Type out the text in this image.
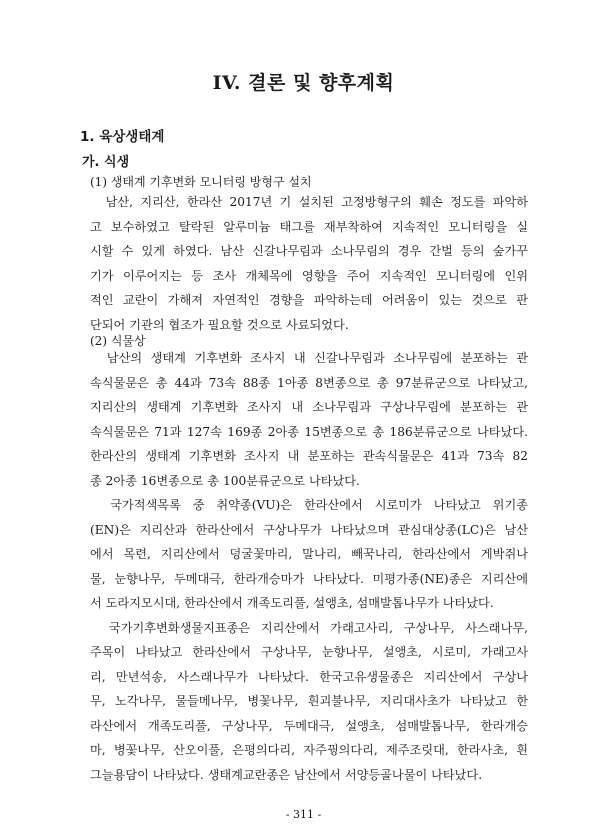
IV. 결론 및 향후계획
1. 육상생태계
가. 식생

(1) 생태계 기후변화 모니터링 방형구 설치

　남산, 지리산, 한라산 2017년 기 설치된 고정방형구의 훼손 정도를 파악하
고 보수하였고 탈락된 알루미늄 태그를 재부착하여 지속적인 모니터링을 실
시할 수 있게 하였다. 남산 신갈나무림과 소나무림의 경우 간벌 등의 숲가꾸
기가 이루어지는 등 조사 개체목에 영향을 주어 지속적인 모니터링에 인위
적인 교란이 가해져 자연적인 경향을 파악하는데 어려움이 있는 것으로 판
단되어 기관의 협조가 필요할 것으로 사료되었다.

(2) 식물상

　남산의 생태계 기후변화 조사지 내 신갈나무림과 소나무림에 분포하는 관
속식물문은 총 44과 73속 88종 1아종 8변종으로 총 97분류군으로 나타났고,
지리산의 생태계 기후변화 조사지 내 소나무림과 구상나무림에 분포하는 관
속식물문은 71과 127속 169종 2아종 15변종으로 총 186분류군으로 나타났다.
한라산의 생태계 기후변화 조사지 내 분포하는 관속식물문은 41과 73속 82
종 2아종 16변종으로 총 100분류군으로 나타났다.
　국가적색목록 중 취약종(VU)은 한라산에서 시로미가 나타났고 위기종
(EN)은 지리산과 한라산에서 구상나무가 나타났으며 관심대상종(LC)은 남산
에서 목련, 지리산에서 덩굴꽃마리, 말나리, 빼꾹나리, 한라산에서 게박쥐나
물, 눈향나무, 두메대극, 한라개승마가 나타났다. 미평가종(NE)종은 지리산에
서 도라지모시대, 한라산에서 개족도리풀, 설앵초, 섬매발톱나무가 나타났다.
　국가기후변화생물지표종은 지리산에서 가래고사리, 구상나무, 사스래나무,
주목이 나타났고 한라산에서 구상나무, 눈향나무, 설앵초, 시로미, 가래고사
리, 만년석송, 사스래나무가 나타났다. 한국고유생물종은 지리산에서 구상나
무, 노각나무, 물들메나무, 병꽃나무, 흰괴불나무, 지리대사초가 나타났고 한
라산에서 개족도리풀, 구상나무, 두메대극, 설앵초, 섬매발톱나무, 한라개승
마, 병꽃나무, 산오이풀, 은평의다리, 자주꿩의다리, 제주조릿대, 한라사초, 흰
그늘용담이 나타났다. 생태계교란종은 남산에서 서양등골나물이 나타났다.

- 311 -
